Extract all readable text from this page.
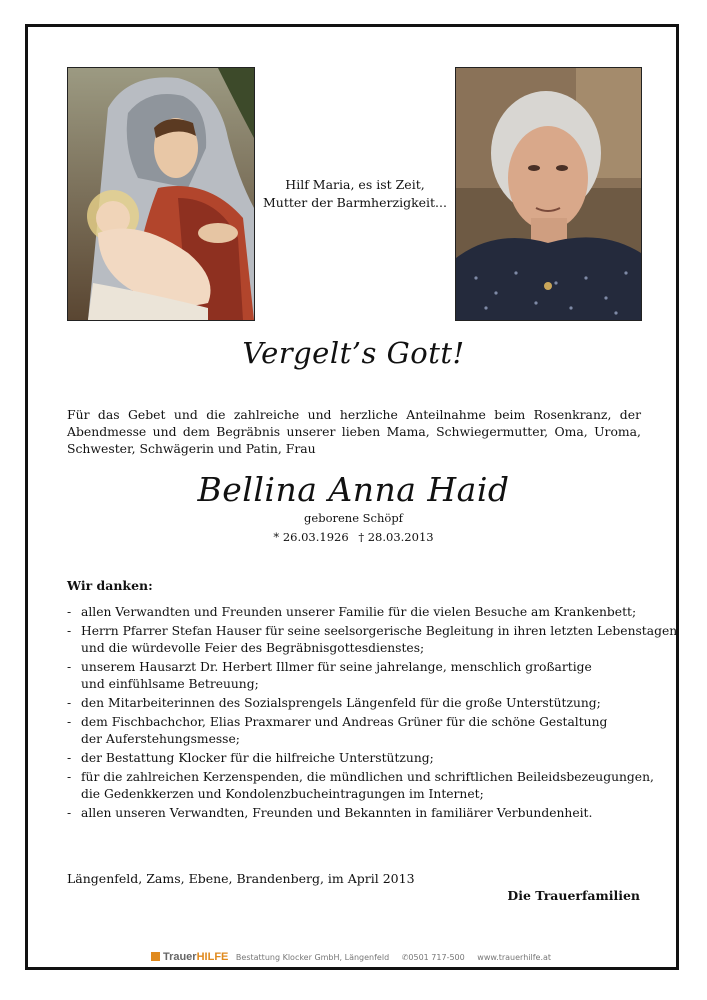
Hilf Maria, es ist Zeit,
Mutter der Barmherzigkeit...
Vergelt’s Gott!
Für das Gebet und die zahlreiche und herzliche Anteilnahme beim Rosenkranz, der Abendmesse und dem Begräbnis unserer lieben Mama, Schwiegermutter, Oma, Uroma, Schwester, Schwägerin und Patin, Frau
Bellina Anna Haid
geborene Schöpf
* 26.03.1926 † 28.03.2013
Wir danken:
- allen Verwandten und Freunden unserer Familie für die vielen Besuche am Krankenbett;
- Herrn Pfarrer Stefan Hauser für seine seelsorgerische Begleitung in ihren letzten Lebenstagen
und die würdevolle Feier des Begräbnisgottesdienstes;
- unserem Hausarzt Dr. Herbert Illmer für seine jahrelange, menschlich großartige
und einfühlsame Betreuung;
- den Mitarbeiterinnen des Sozialsprengels Längenfeld für die große Unterstützung;
- dem Fischbachchor, Elias Praxmarer und Andreas Grüner für die schöne Gestaltung
der Auferstehungsmesse;
- der Bestattung Klocker für die hilfreiche Unterstützung;
- für die zahlreichen Kerzenspenden, die mündlichen und schriftlichen Beileidsbezeugungen,
die Gedenkkerzen und Kondolenzbucheintragungen im Internet;
- allen unseren Verwandten, Freunden und Bekannten in familiärer Verbundenheit.
Längenfeld, Zams, Ebene, Brandenberg, im April 2013
Die Trauerfamilien
TrauerHILFE Bestattung Klocker GmbH, Längenfeld ✆0501 717-500 www.trauerhilfe.at
